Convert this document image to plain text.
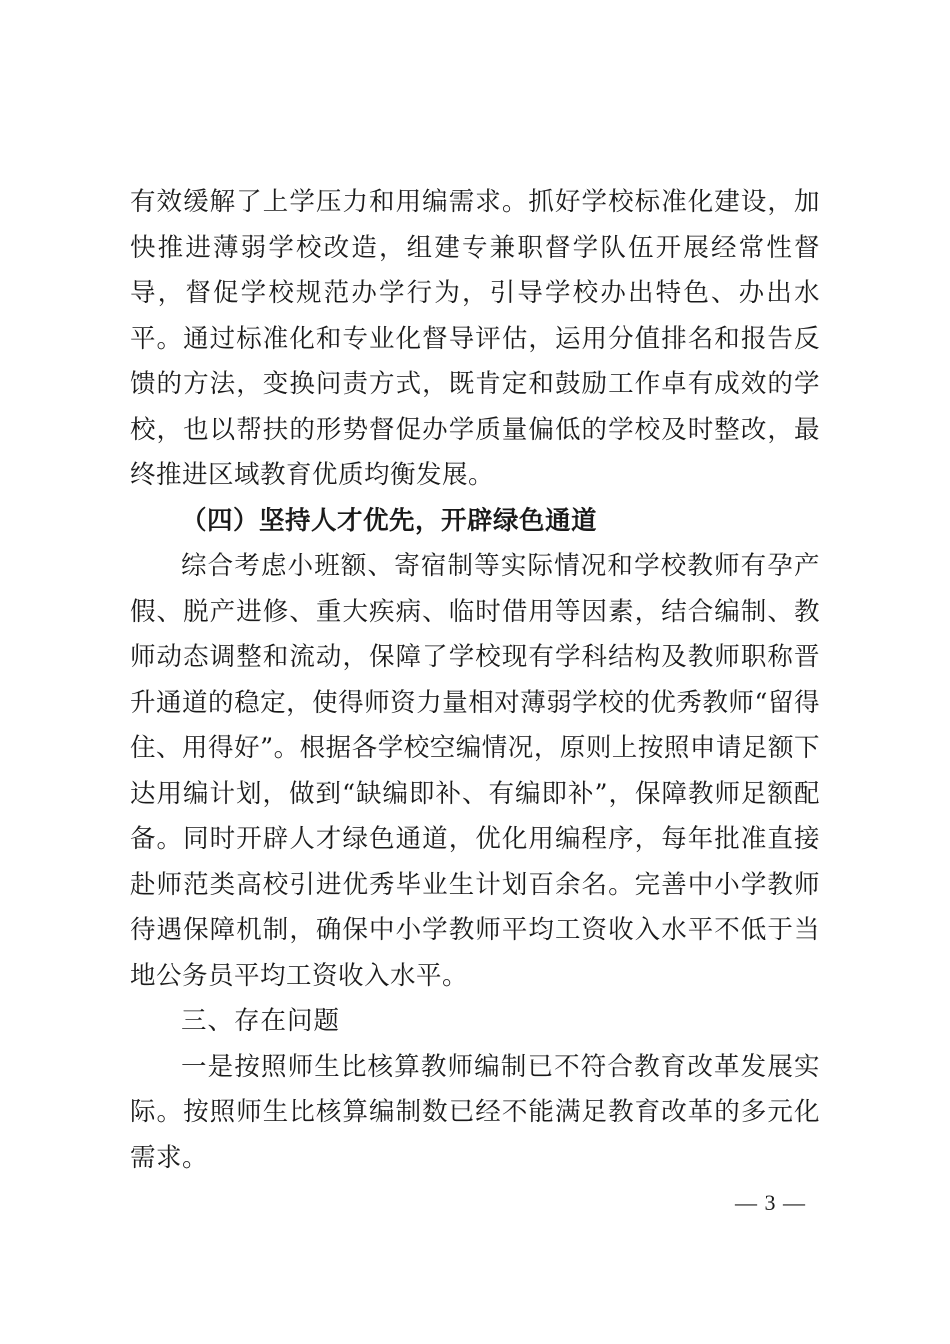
有效缓解了上学压力和用编需求。抓好学校标准化建设，加快推进薄弱学校改造，组建专兼职督学队伍开展经常性督导，督促学校规范办学行为，引导学校办出特色、办出水平。通过标准化和专业化督导评估，运用分值排名和报告反馈的方法，变换问责方式，既肯定和鼓励工作卓有成效的学校，也以帮扶的形势督促办学质量偏低的学校及时整改，最终推进区域教育优质均衡发展。

（四）坚持人才优先，开辟绿色通道

综合考虑小班额、寄宿制等实际情况和学校教师有孕产假、脱产进修、重大疾病、临时借用等因素，结合编制、教师动态调整和流动，保障了学校现有学科结构及教师职称晋升通道的稳定，使得师资力量相对薄弱学校的优秀教师“留得住、用得好”。根据各学校空编情况，原则上按照申请足额下达用编计划，做到“缺编即补、有编即补”，保障教师足额配备。同时开辟人才绿色通道，优化用编程序，每年批准直接赴师范类高校引进优秀毕业生计划百余名。完善中小学教师待遇保障机制，确保中小学教师平均工资收入水平不低于当地公务员平均工资收入水平。

三、存在问题

一是按照师生比核算教师编制已不符合教育改革发展实际。按照师生比核算编制数已经不能满足教育改革的多元化需求。

— 3 —
